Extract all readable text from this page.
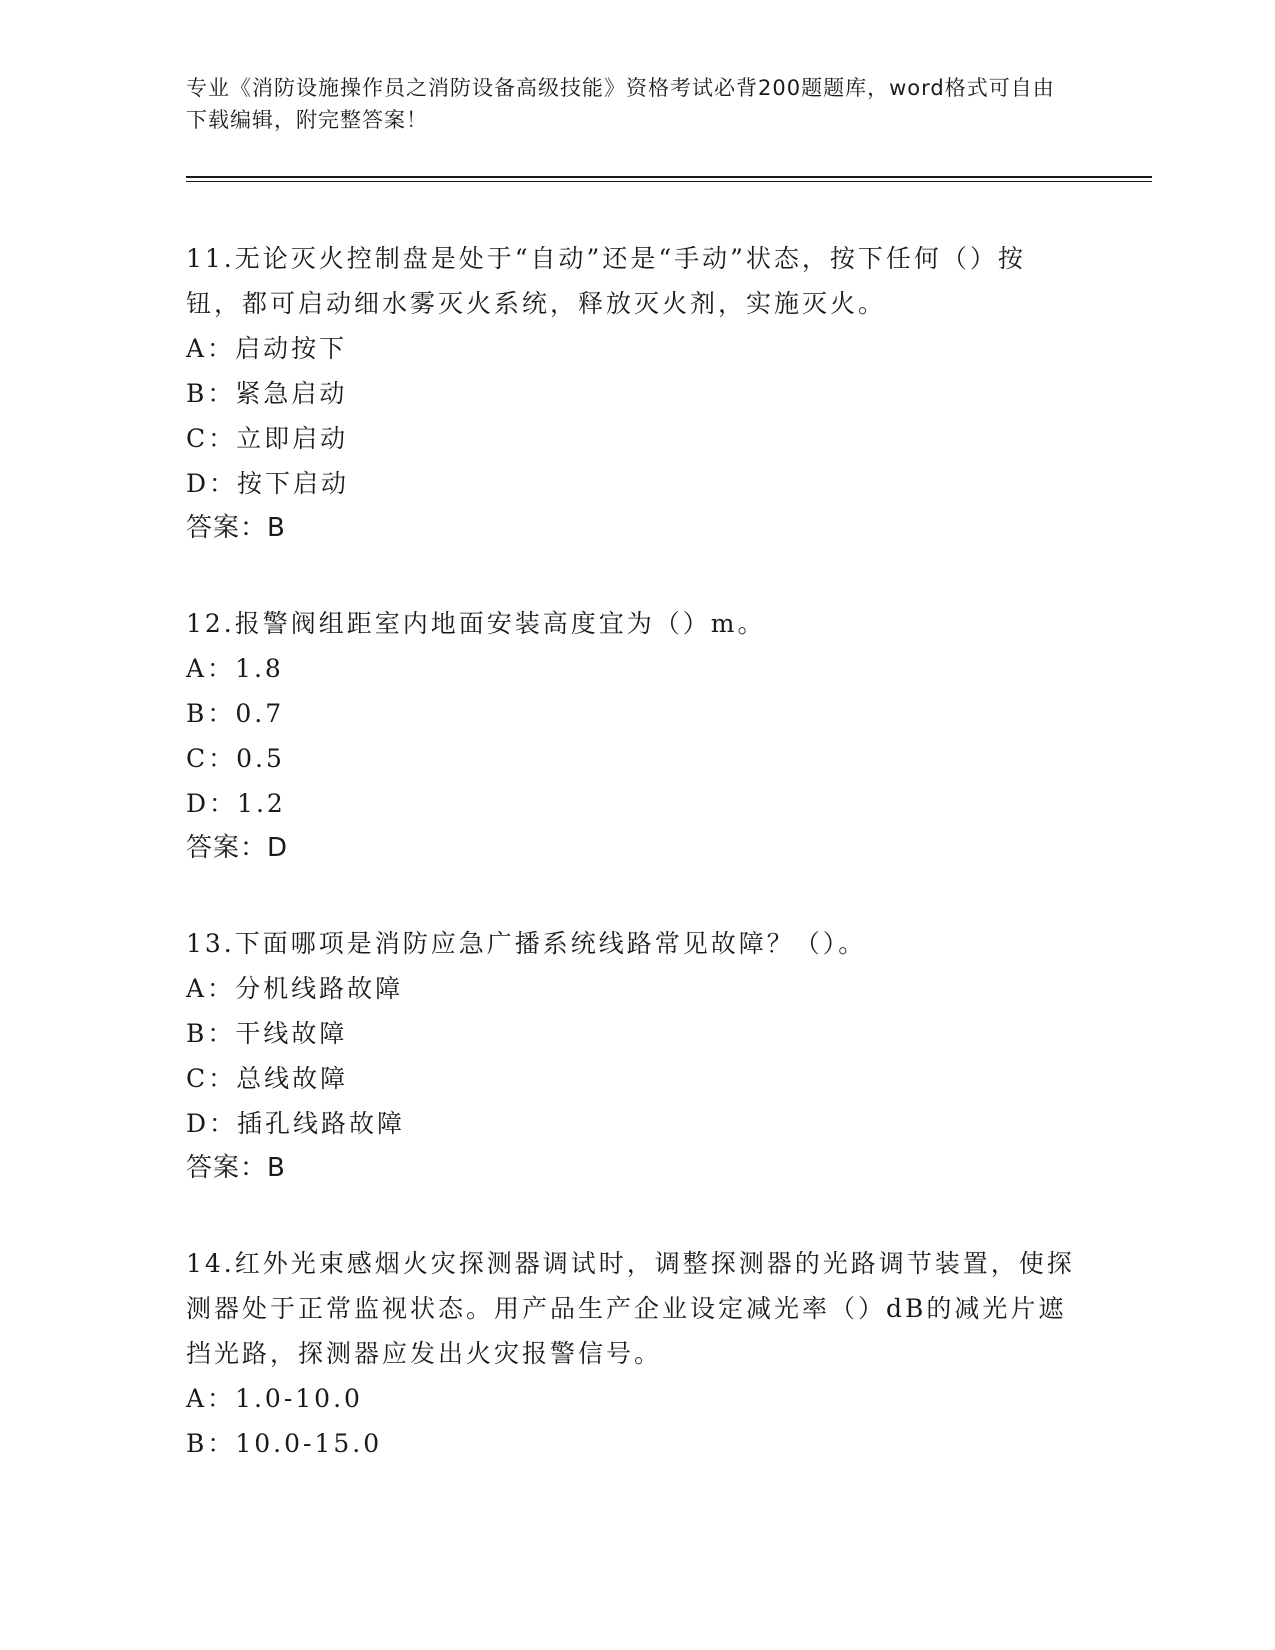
专业《消防设施操作员之消防设备高级技能》资格考试必背200题题库，word格式可自由下载编辑，附完整答案！
11.无论灭火控制盘是处于“自动”还是“手动”状态，按下任何（）按钮，都可启动细水雾灭火系统，释放灭火剂，实施灭火。
A： 启动按下
B： 紧急启动
C： 立即启动
D： 按下启动
答案：B
12.报警阀组距室内地面安装高度宜为（）m。
A： 1.8
B： 0.7
C： 0.5
D： 1.2
答案：D
13.下面哪项是消防应急广播系统线路常见故障？（）。
A： 分机线路故障
B： 干线故障
C： 总线故障
D： 插孔线路故障
答案：B
14.红外光束感烟火灾探测器调试时，调整探测器的光路调节装置，使探测器处于正常监视状态。用产品生产企业设定减光率（）dB的减光片遮挡光路，探测器应发出火灾报警信号。
A： 1.0-10.0
B： 10.0-15.0
